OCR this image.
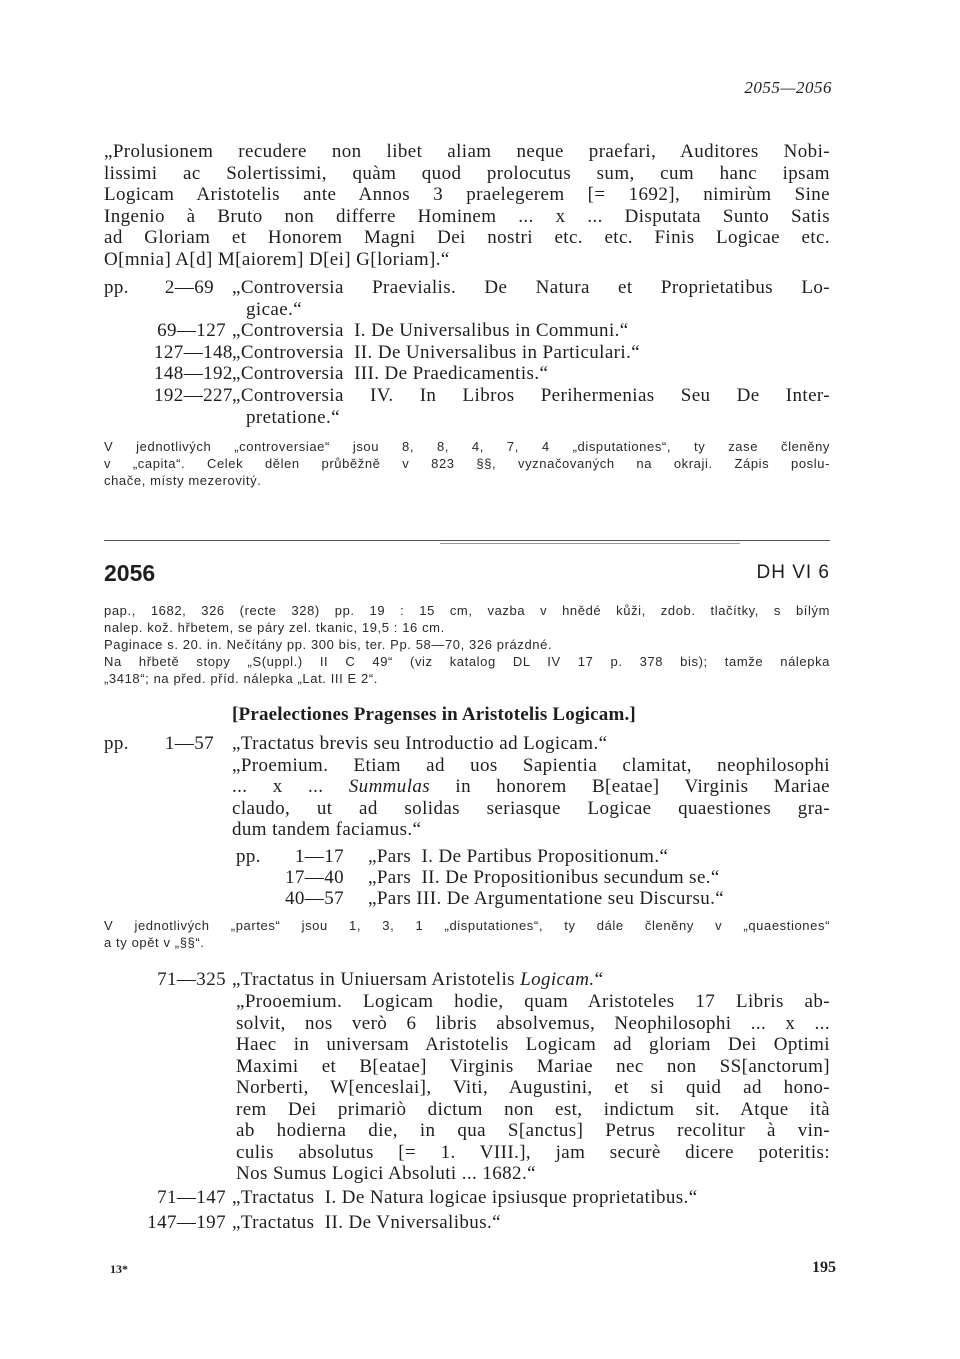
2055—2056
„Prolusionem recudere non libet aliam neque praefari, Auditores Nobi-
lissimi ac Solertissimi, quàm quod prolocutus sum, cum hanc ipsam
Logicam Aristotelis ante Annos 3 praelegerem [= 1692], nimirùm Sine
Ingenio à Bruto non differre Hominem ... x ... Disputata Sunto Satis
ad Gloriam et Honorem Magni Dei nostri etc. etc. Finis Logicae etc.
O[mnia] A[d] M[aiorem] D[ei] G[loriam].“
pp. 2—69 „Controversia Praevialis. De Natura et Proprietatibus Lo-
gicae.“
69—127 „Controversia  I. De Universalibus in Communi.“
127—148 „Controversia  II. De Universalibus in Particulari.“
148—192 „Controversia  III. De Praedicamentis.“
192—227 „Controversia IV. In Libros Perihermenias Seu De Inter-
pretatione.“
V jednotlivých „controversiae“ jsou 8, 8, 4, 7, 4 „disputationes“, ty zase členěny
v „capita“. Celek dělen průběžně v 823 §§, vyznačovaných na okraji. Zápis poslu-
chače, místy mezerovitý.
2056	DH VI 6
pap., 1682, 326 (recte 328) pp. 19 : 15 cm, vazba v hnědé kůži, zdob. tlačítky, s bílým
nalep. kož. hřbetem, se páry zel. tkanic, 19,5 : 16 cm.
Paginace s. 20. in. Nečítány pp. 300 bis, ter. Pp. 58—70, 326 prázdné.
Na hřbetě stopy „S(uppl.) II C 49“ (viz katalog DL IV 17 p. 378 bis); tamže nálepka
„3418“; na před. příd. nálepka „Lat. III E 2“.
[Praelectiones Pragenses in Aristotelis Logicam.]
pp. 1—57 „Tractatus brevis seu Introductio ad Logicam.“
„Proemium. Etiam ad uos Sapientia clamitat, neophilosophi
... x ... Summulas in honorem B[eatae] Virginis Mariae
claudo, ut ad solidas seriasque Logicae quaestiones gra-
dum tandem faciamus.“
pp. 1—17 „Pars  I. De Partibus Propositionum.“
17—40 „Pars  II. De Propositionibus secundum se.“
40—57 „Pars III. De Argumentatione seu Discursu.“
V jednotlivých „partes“ jsou 1, 3, 1 „disputationes“, ty dále členěny v „quaestiones“
a ty opět v „§§“.
71—325 „Tractatus in Uniuersam Aristotelis Logicam.“
„Prooemium. Logicam hodie, quam Aristoteles 17 Libris ab-
solvit, nos verò 6 libris absolvemus, Neophilosophi ... x ...
Haec in universam Aristotelis Logicam ad gloriam Dei Optimi
Maximi et B[eatae] Virginis Mariae nec non SS[anctorum]
Norberti, W[enceslai], Viti, Augustini, et si quid ad hono-
rem Dei primariò dictum non est, indictum sit. Atque ità
ab hodierna die, in qua S[anctus] Petrus recolitur à vin-
culis absolutus [= 1. VIII.], jam securè dicere poteritis:
Nos Sumus Logici Absoluti ... 1682.“
71—147 „Tractatus  I. De Natura logicae ipsiusque proprietatibus.“
147—197 „Tractatus  II. De Vniversalibus.“
13*	195
